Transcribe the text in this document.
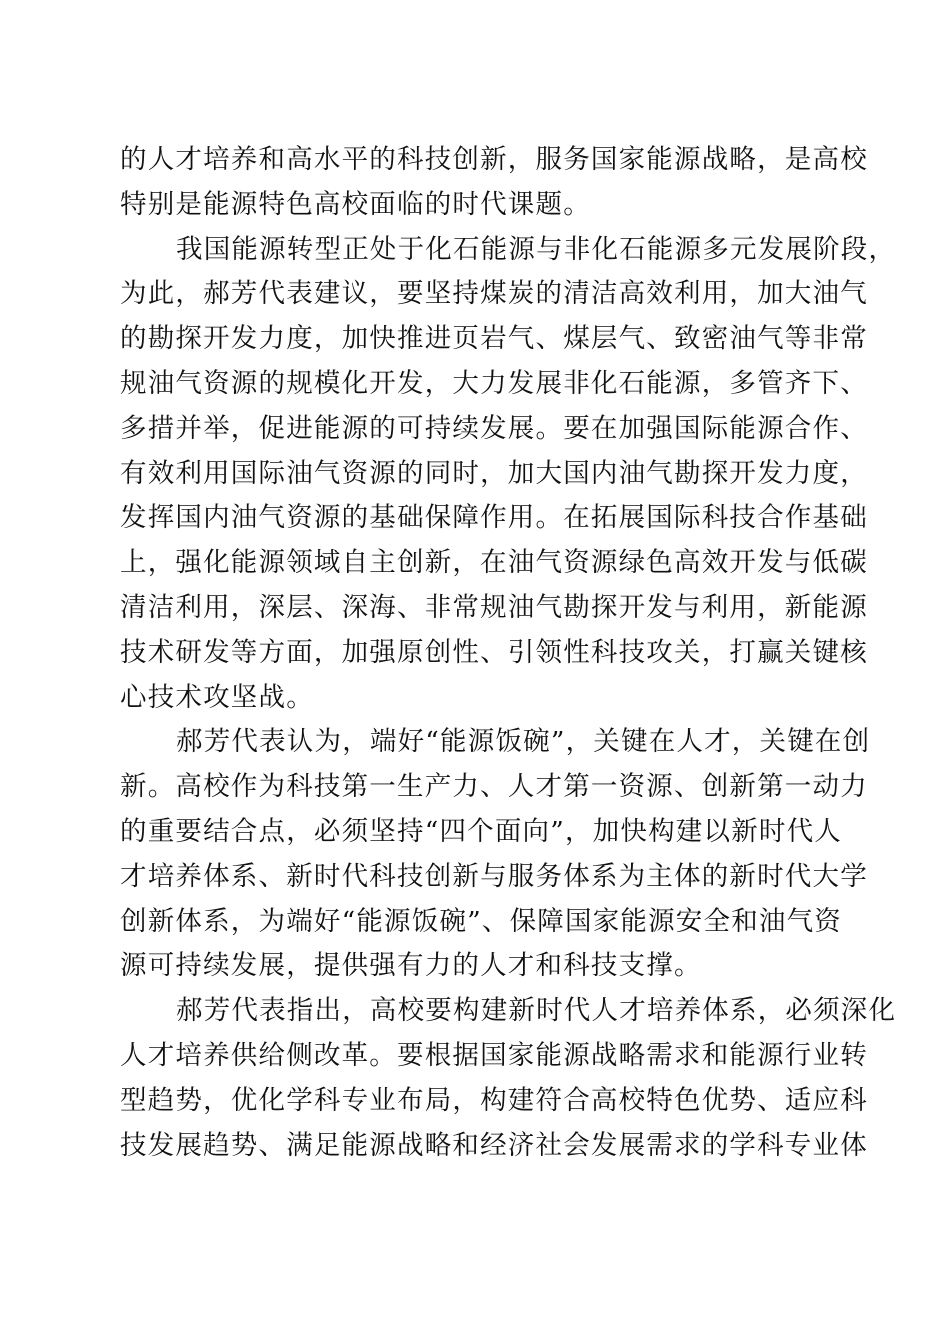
的人才培养和高水平的科技创新，服务国家能源战略，是高校
特别是能源特色高校面临的时代课题。
我国能源转型正处于化石能源与非化石能源多元发展阶段，
为此，郝芳代表建议，要坚持煤炭的清洁高效利用，加大油气
的勘探开发力度，加快推进页岩气、煤层气、致密油气等非常
规油气资源的规模化开发，大力发展非化石能源，多管齐下、
多措并举，促进能源的可持续发展。要在加强国际能源合作、
有效利用国际油气资源的同时，加大国内油气勘探开发力度，
发挥国内油气资源的基础保障作用。在拓展国际科技合作基础
上，强化能源领域自主创新，在油气资源绿色高效开发与低碳
清洁利用，深层、深海、非常规油气勘探开发与利用，新能源
技术研发等方面，加强原创性、引领性科技攻关，打赢关键核
心技术攻坚战。
郝芳代表认为，端好“能源饭碗”，关键在人才，关键在创
新。高校作为科技第一生产力、人才第一资源、创新第一动力
的重要结合点，必须坚持“四个面向”，加快构建以新时代人
才培养体系、新时代科技创新与服务体系为主体的新时代大学
创新体系，为端好“能源饭碗”、保障国家能源安全和油气资
源可持续发展，提供强有力的人才和科技支撑。
郝芳代表指出，高校要构建新时代人才培养体系，必须深化
人才培养供给侧改革。要根据国家能源战略需求和能源行业转
型趋势，优化学科专业布局，构建符合高校特色优势、适应科
技发展趋势、满足能源战略和经济社会发展需求的学科专业体
